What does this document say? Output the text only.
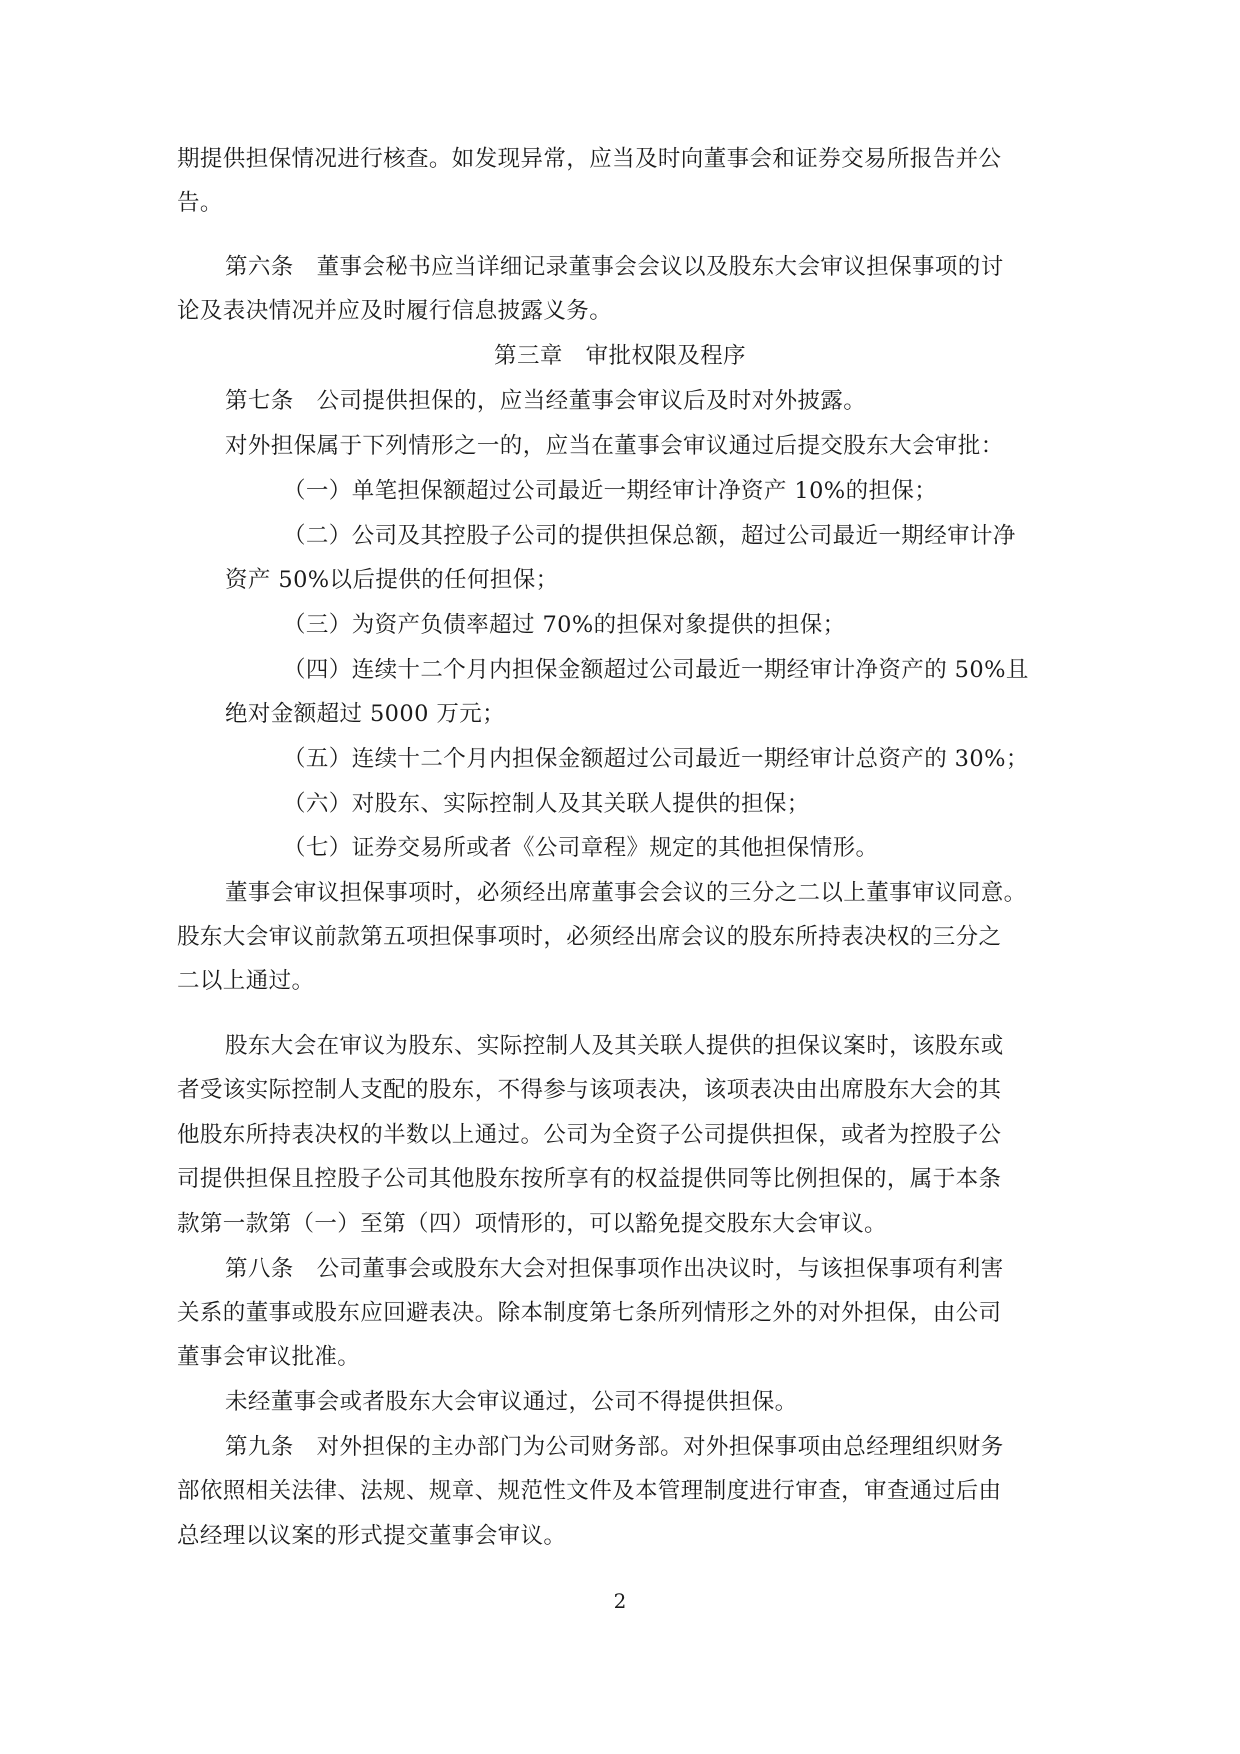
期提供担保情况进行核查。如发现异常，应当及时向董事会和证券交易所报告并公
告。
第六条　董事会秘书应当详细记录董事会会议以及股东大会审议担保事项的讨
论及表决情况并应及时履行信息披露义务。
第三章　审批权限及程序
第七条　公司提供担保的，应当经董事会审议后及时对外披露。
对外担保属于下列情形之一的，应当在董事会审议通过后提交股东大会审批：
（一）单笔担保额超过公司最近一期经审计净资产 10%的担保；
（二）公司及其控股子公司的提供担保总额，超过公司最近一期经审计净
资产 50%以后提供的任何担保；
（三）为资产负债率超过 70%的担保对象提供的担保；
（四）连续十二个月内担保金额超过公司最近一期经审计净资产的 50%且
绝对金额超过 5000 万元；
（五）连续十二个月内担保金额超过公司最近一期经审计总资产的 30%；
（六）对股东、实际控制人及其关联人提供的担保；
（七）证券交易所或者《公司章程》规定的其他担保情形。
董事会审议担保事项时，必须经出席董事会会议的三分之二以上董事审议同意。
股东大会审议前款第五项担保事项时，必须经出席会议的股东所持表决权的三分之
二以上通过。
股东大会在审议为股东、实际控制人及其关联人提供的担保议案时，该股东或
者受该实际控制人支配的股东，不得参与该项表决，该项表决由出席股东大会的其
他股东所持表决权的半数以上通过。公司为全资子公司提供担保，或者为控股子公
司提供担保且控股子公司其他股东按所享有的权益提供同等比例担保的，属于本条
款第一款第（一）至第（四）项情形的，可以豁免提交股东大会审议。
第八条　公司董事会或股东大会对担保事项作出决议时，与该担保事项有利害
关系的董事或股东应回避表决。除本制度第七条所列情形之外的对外担保，由公司
董事会审议批准。
未经董事会或者股东大会审议通过，公司不得提供担保。
第九条　对外担保的主办部门为公司财务部。对外担保事项由总经理组织财务
部依照相关法律、法规、规章、规范性文件及本管理制度进行审查，审查通过后由
总经理以议案的形式提交董事会审议。
2
